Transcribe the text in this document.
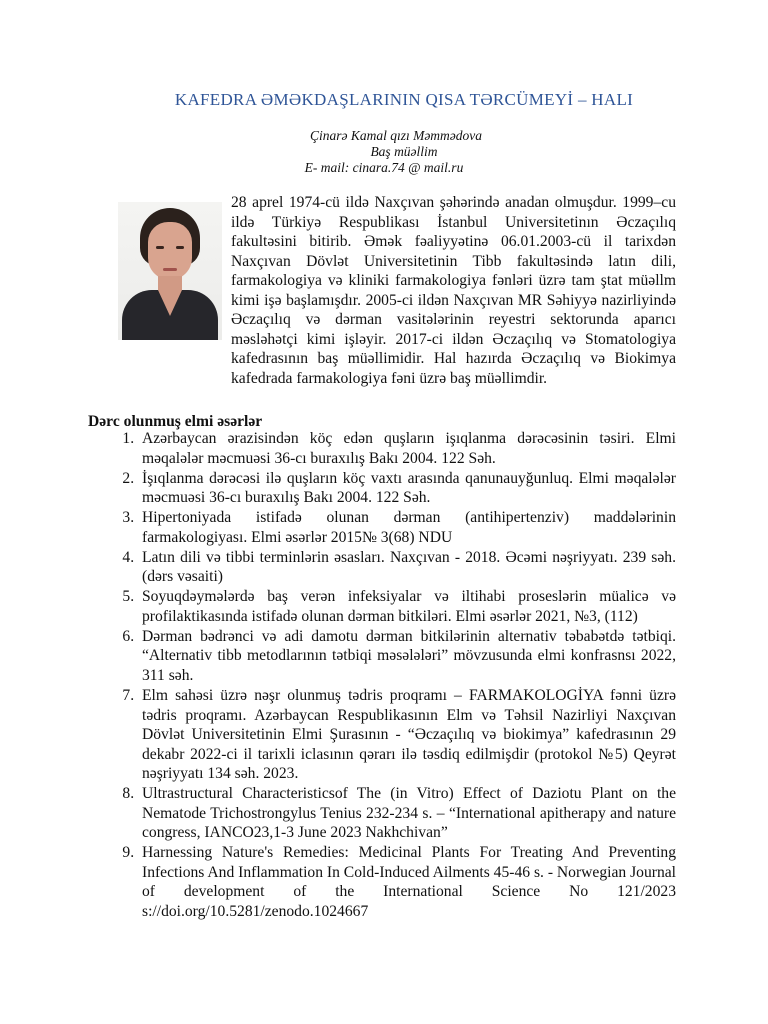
KAFEDRA ƏMƏKDAŞLARININ QISA TƏRCÜMEYİ – HALI
Çinarə Kamal qızı Məmmədova
Baş müəllim
E- mail: cinara.74 @ mail.ru
28 aprel 1974-cü ildə Naxçıvan şəhərində anadan olmuşdur. 1999–cu ildə Türkiyə Respublikası İstanbul Universitetinın Əczaçılıq fakultəsini bitirib. Əmək fəaliyyətinə 06.01.2003-cü il tarixdən Naxçıvan Dövlət Universitetinin Tibb fakultəsində latın dili, farmakologiya və kliniki farmakologiya fənləri üzrə tam ştat müəllm kimi işə başlamışdır. 2005-ci ildən Naxçıvan MR Səhiyyə nazirliyində Əczaçılıq və dərman vasitələrinin reyestri sektorunda aparıcı məsləhətçi kimi işləyir. 2017-ci ildən Əczaçılıq və Stomatologiya kafedrasının baş müəllimidir. Hal hazırda Əczaçılıq və Biokimya kafedrada farmakologiya fəni üzrə baş müəllimdir.
Dərc olunmuş elmi əsərlər
1. Azərbaycan ərazisindən köç edən quşların işıqlanma dərəcəsinin təsiri. Elmi məqalələr məcmuəsi 36-cı buraxılış Bakı 2004. 122 Səh.
2. İşıqlanma dərəcəsi ilə quşların köç vaxtı arasında qanunauyğunluq. Elmi məqalələr məcmuəsi 36-cı buraxılış Bakı 2004. 122 Səh.
3. Hipertoniyada istifadə olunan dərman (antihipertenziv) maddələrinin farmakologiyası. Elmi əsərlər 2015№ 3(68) NDU
4. Latın dili və tibbi terminlərin əsasları. Naxçıvan - 2018. Əcəmi nəşriyyatı. 239 səh.(dərs vəsaiti)
5. Soyuqdəymələrdə baş verən infeksiyalar və iltihabi proseslərin müalicə və profilaktikasında istifadə olunan dərman bitkiləri. Elmi əsərlər 2021, №3, (112)
6. Dərman bədrənci və adi damotu dərman bitkilərinin alternativ təbabətdə tətbiqi. “Alternativ tibb metodlarının tətbiqi məsələləri” mövzusunda elmi konfrasnsı 2022, 311 səh.
7. Elm sahəsi üzrə nəşr olunmuş tədris proqramı – FARMAKOLOGİYA fənni üzrə tədris proqramı. Azərbaycan Respublikasının Elm və Təhsil Nazirliyi Naxçıvan Dövlət Universitetinin Elmi Şurasının - “Əczaçılıq və biokimya” kafedrasının 29 dekabr 2022-ci il tarixli iclasının qərarı ilə təsdiq edilmişdir (protokol №5) Qeyrət nəşriyyatı 134 səh. 2023.
8. Ultrastructural Characteristicsof The (in Vitro) Effect of Daziotu Plant on the Nematode Trichostrongylus Tenius 232-234 s. – “International apitherapy and nature congress, IANCO23,1-3 June 2023 Nakhchivan”
9. Harnessing Nature's Remedies: Medicinal Plants For Treating And Preventing Infections And Inflammation In Cold-Induced Ailments 45-46 s. - Norwegian Journal of development of the International Science No 121/2023 s://doi.org/10.5281/zenodo.1024667
